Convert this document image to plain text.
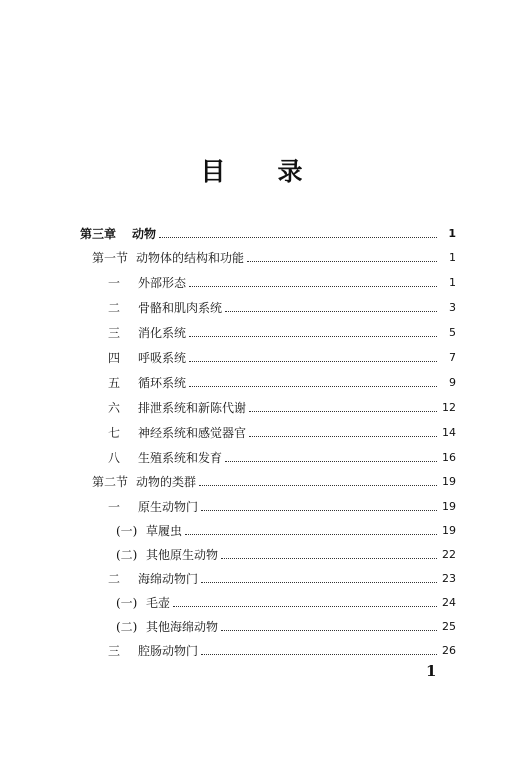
目 录
第三章 动物	1
第一节 动物体的结构和功能	1
一 外部形态	1
二 骨骼和肌肉系统	3
三 消化系统	5
四 呼吸系统	7
五 循环系统	9
六 排泄系统和新陈代谢	12
七 神经系统和感觉器官	14
八 生殖系统和发育	16
第二节 动物的类群	19
一 原生动物门	19
(一) 草履虫	19
(二) 其他原生动物	22
二 海绵动物门	23
(一) 毛壶	24
(二) 其他海绵动物	25
三 腔肠动物门	26
1
